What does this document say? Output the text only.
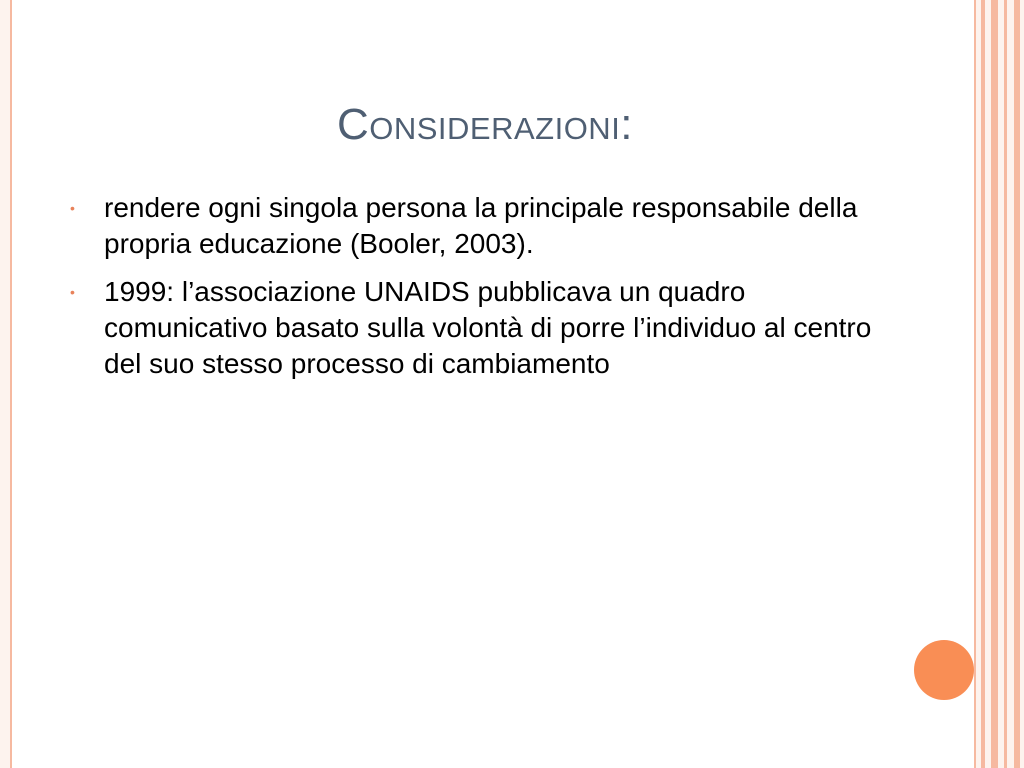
Considerazioni:
•	rendere ogni singola persona la principale responsabile della propria educazione (Booler, 2003).
•	1999: l’associazione UNAIDS pubblicava un quadro comunicativo basato sulla volontà di porre l’individuo al centro del suo stesso processo di cambiamento
